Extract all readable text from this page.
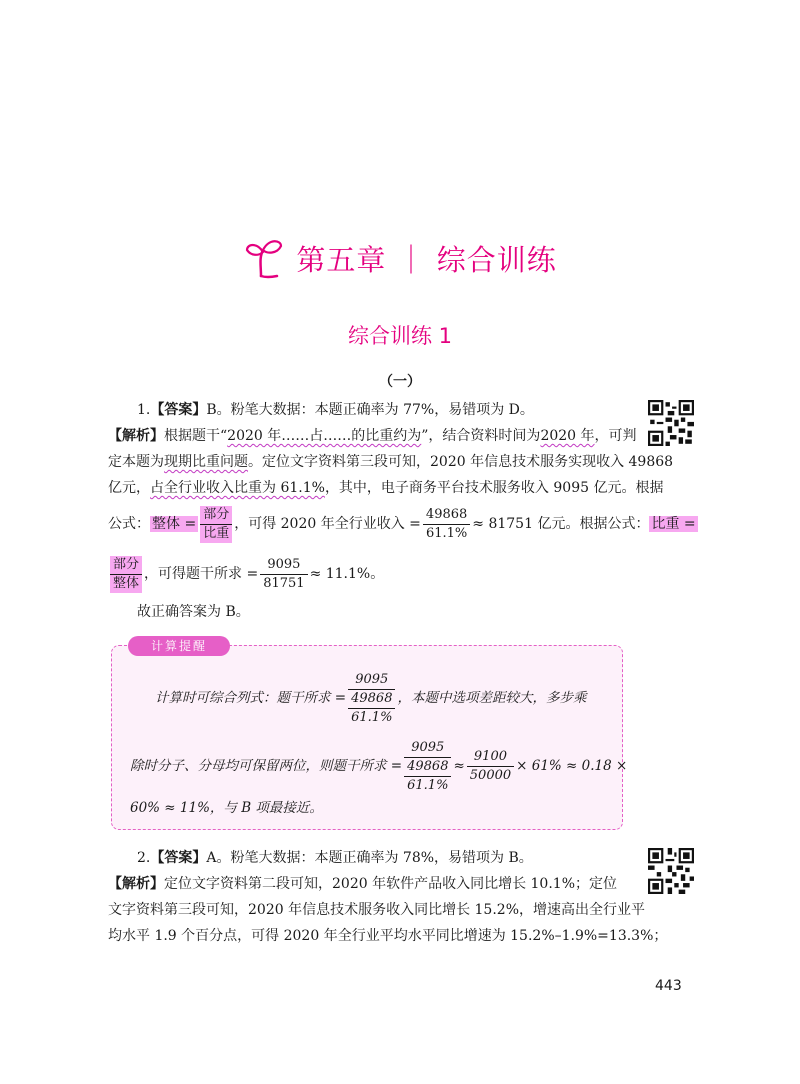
第五章 ｜ 综合训练
综合训练 1
（一）
1.【答案】B。粉笔大数据：本题正确率为 77%，易错项为 D。
【解析】根据题干“2020 年……占……的比重约为”，结合资料时间为2020 年，可判
定本题为现期比重问题。定位文字资料第三段可知，2020 年信息技术服务实现收入 49868
亿元，占全行业收入比重为 61.1%，其中，电子商务平台技术服务收入 9095 亿元。根据
公式： 整体 = $\frac{\text{部分}}{\text{比重}}$ ，可得 2020 年全行业收入 = $\frac{49868}{61.1\%} \approx 81751$ 亿元。根据公式： 比重 =
$\frac{\text{部分}}{\text{整体}}$ ，可得题干所求 = $\frac{9095}{81751} \approx 11.1\%$。
故正确答案为 B。
计算提醒
计算时可综合列式：题干所求 =
9095
49868
61.1%
，本题中选项差距较大，多步乘
除时分子、分母均可保留两位，则题干所求 =
9095
49868
61.1%
≈ $\frac{9100}{50000} \times 61\% \approx 0.18$ ×
60% ≈ 11%，与 B 项最接近。
2.【答案】A。粉笔大数据：本题正确率为 78%，易错项为 B。
【解析】定位文字资料第二段可知，2020 年软件产品收入同比增长 10.1%；定位
文字资料第三段可知，2020 年信息技术服务收入同比增长 15.2%，增速高出全行业平
均水平 1.9 个百分点，可得 2020 年全行业平均水平同比增速为 15.2%–1.9%=13.3%；
443
